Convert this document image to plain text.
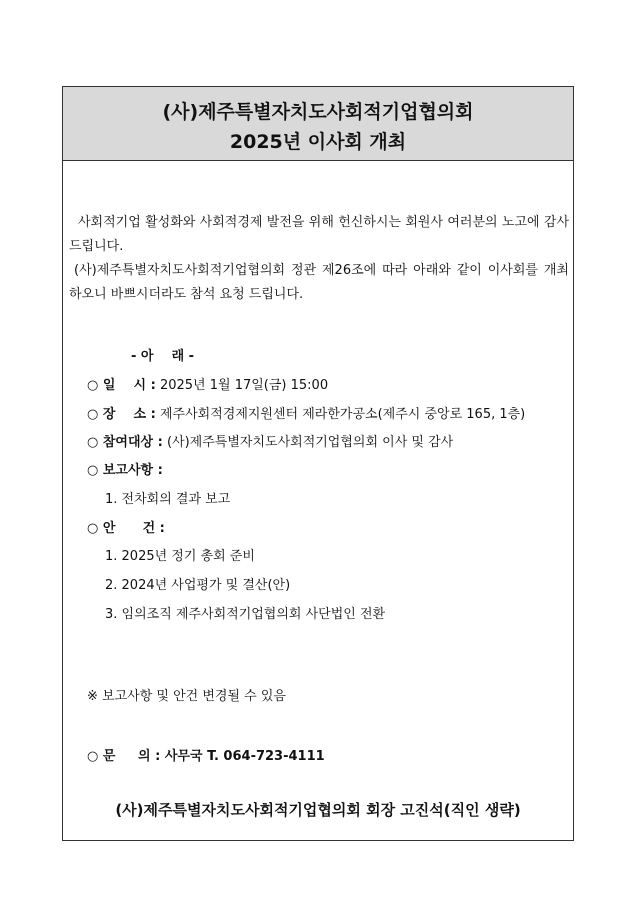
(사)제주특별자치도사회적기업협의회
2025년 이사회 개최
사회적기업 활성화와 사회적경제 발전을 위해 헌신하시는 회원사 여러분의 노고에 감사드립니다.
(사)제주특별자치도사회적기업협의회 정관 제26조에 따라 아래와 같이 이사회를 개최하오니 바쁘시더라도 참석 요청 드립니다.
- 아    래 -
○ 일    시 : 2025년 1월 17일(금) 15:00
○ 장    소 : 제주사회적경제지원센터 제라한가공소(제주시 중앙로 165, 1층)
○ 참여대상 : (사)제주특별자치도사회적기업협의회 이사 및 감사
○ 보고사항 :
1. 전차회의 결과 보고
○ 안      건 :
1. 2025년 정기 총회 준비
2. 2024년 사업평가 및 결산(안)
3. 임의조직 제주사회적기업협의회 사단법인 전환
※ 보고사항 및 안건 변경될 수 있음
○ 문     의 : 사무국 T. 064-723-4111
(사)제주특별자치도사회적기업협의회 회장 고진석(직인 생략)
